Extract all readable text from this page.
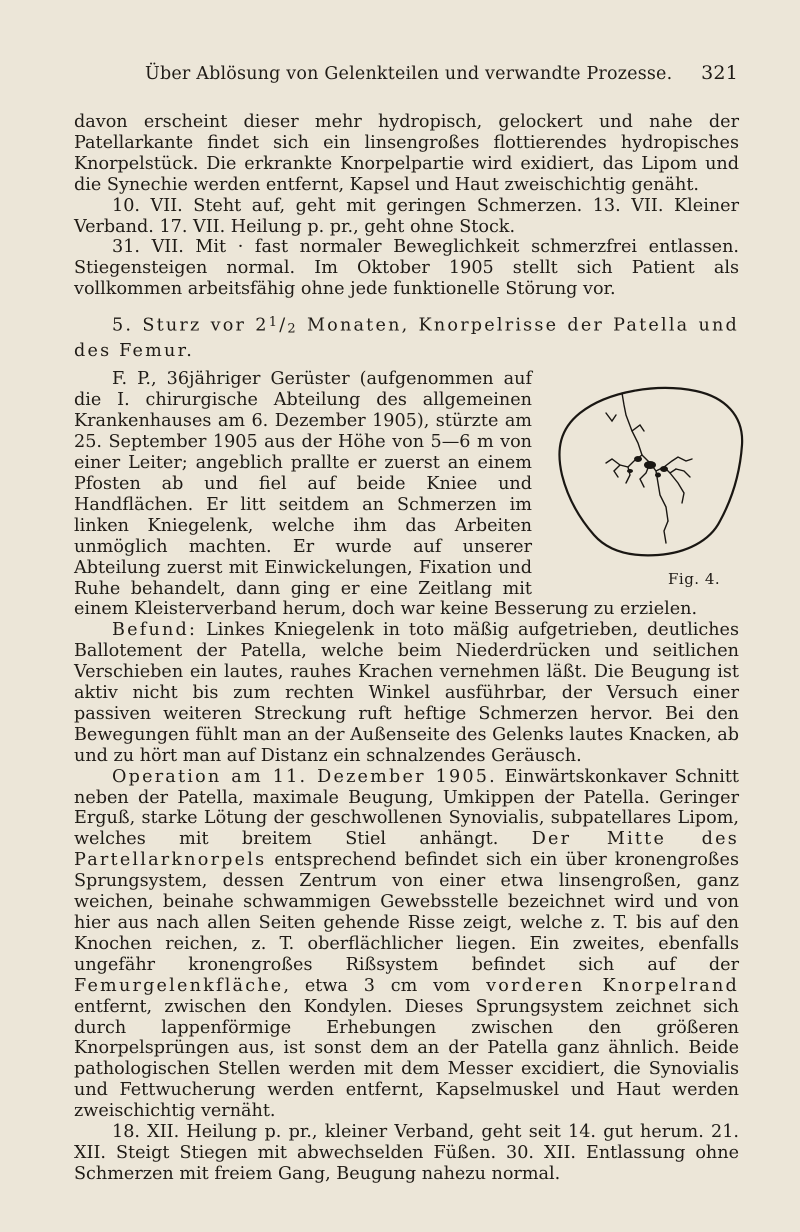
Über Ablösung von Gelenkteilen und verwandte Prozesse. 321

davon erscheint dieser mehr hydropisch, gelockert und nahe der Patellarkante findet sich ein linsengroßes flottierendes hydropisches Knorpelstück. Die erkrankte Knorpelpartie wird exidiert, das Lipom und die Synechie werden entfernt, Kapsel und Haut zweischichtig genäht.

10. VII. Steht auf, geht mit geringen Schmerzen. 13. VII. Kleiner Verband. 17. VII. Heilung p. pr., geht ohne Stock.

31. VII. Mit · fast normaler Beweglichkeit schmerzfrei entlassen. Stiegensteigen normal. Im Oktober 1905 stellt sich Patient als vollkommen arbeitsfähig ohne jede funktionelle Störung vor.

5. Sturz vor $2^1/2$ Monaten, Knorpelrisse der Patella und des Femur.

Fig. 4.
F. P., 36jähriger Gerüster (aufgenommen auf die I. chirurgische Abteilung des allgemeinen Krankenhauses am 6. Dezember 1905), stürzte am 25. September 1905 aus der Höhe von 5—6 m von einer Leiter; angeblich prallte er zuerst an einem Pfosten ab und fiel auf beide Kniee und Handflächen. Er litt seitdem an Schmerzen im linken Kniegelenk, welche ihm das Arbeiten unmöglich machten. Er wurde auf unserer Abteilung zuerst mit Einwickelungen, Fixation und Ruhe behandelt, dann ging er eine Zeitlang mit einem Kleisterverband herum, doch war keine Besserung zu erzielen.

Befund: Linkes Kniegelenk in toto mäßig aufgetrieben, deutliches Ballotement der Patella, welche beim Niederdrücken und seitlichen Verschieben ein lautes, rauhes Krachen vernehmen läßt. Die Beugung ist aktiv nicht bis zum rechten Winkel ausführbar, der Versuch einer passiven weiteren Streckung ruft heftige Schmerzen hervor. Bei den Bewegungen fühlt man an der Außenseite des Gelenks lautes Knacken, ab und zu hört man auf Distanz ein schnalzendes Geräusch.

Operation am 11. Dezember 1905. Einwärtskonkaver Schnitt neben der Patella, maximale Beugung, Umkippen der Patella. Geringer Erguß, starke Lötung der geschwollenen Synovialis, subpatellares Lipom, welches mit breitem Stiel anhängt. Der Mitte des Partellarknorpels entsprechend befindet sich ein über kronengroßes Sprungsystem, dessen Zentrum von einer etwa linsengroßen, ganz weichen, beinahe schwammigen Gewebsstelle bezeichnet wird und von hier aus nach allen Seiten gehende Risse zeigt, welche z. T. bis auf den Knochen reichen, z. T. oberflächlicher liegen. Ein zweites, ebenfalls ungefähr kronengroßes Rißsystem befindet sich auf der Femurgelenkfläche, etwa 3 cm vom vorderen Knorpelrand entfernt, zwischen den Kondylen. Dieses Sprungsystem zeichnet sich durch lappenförmige Erhebungen zwischen den größeren Knorpelsprüngen aus, ist sonst dem an der Patella ganz ähnlich. Beide pathologischen Stellen werden mit dem Messer excidiert, die Synovialis und Fettwucherung werden entfernt, Kapselmuskel und Haut werden zweischichtig vernäht.

18. XII. Heilung p. pr., kleiner Verband, geht seit 14. gut herum. 21. XII. Steigt Stiegen mit abwechselden Füßen. 30. XII. Entlassung ohne Schmerzen mit freiem Gang, Beugung nahezu normal.
